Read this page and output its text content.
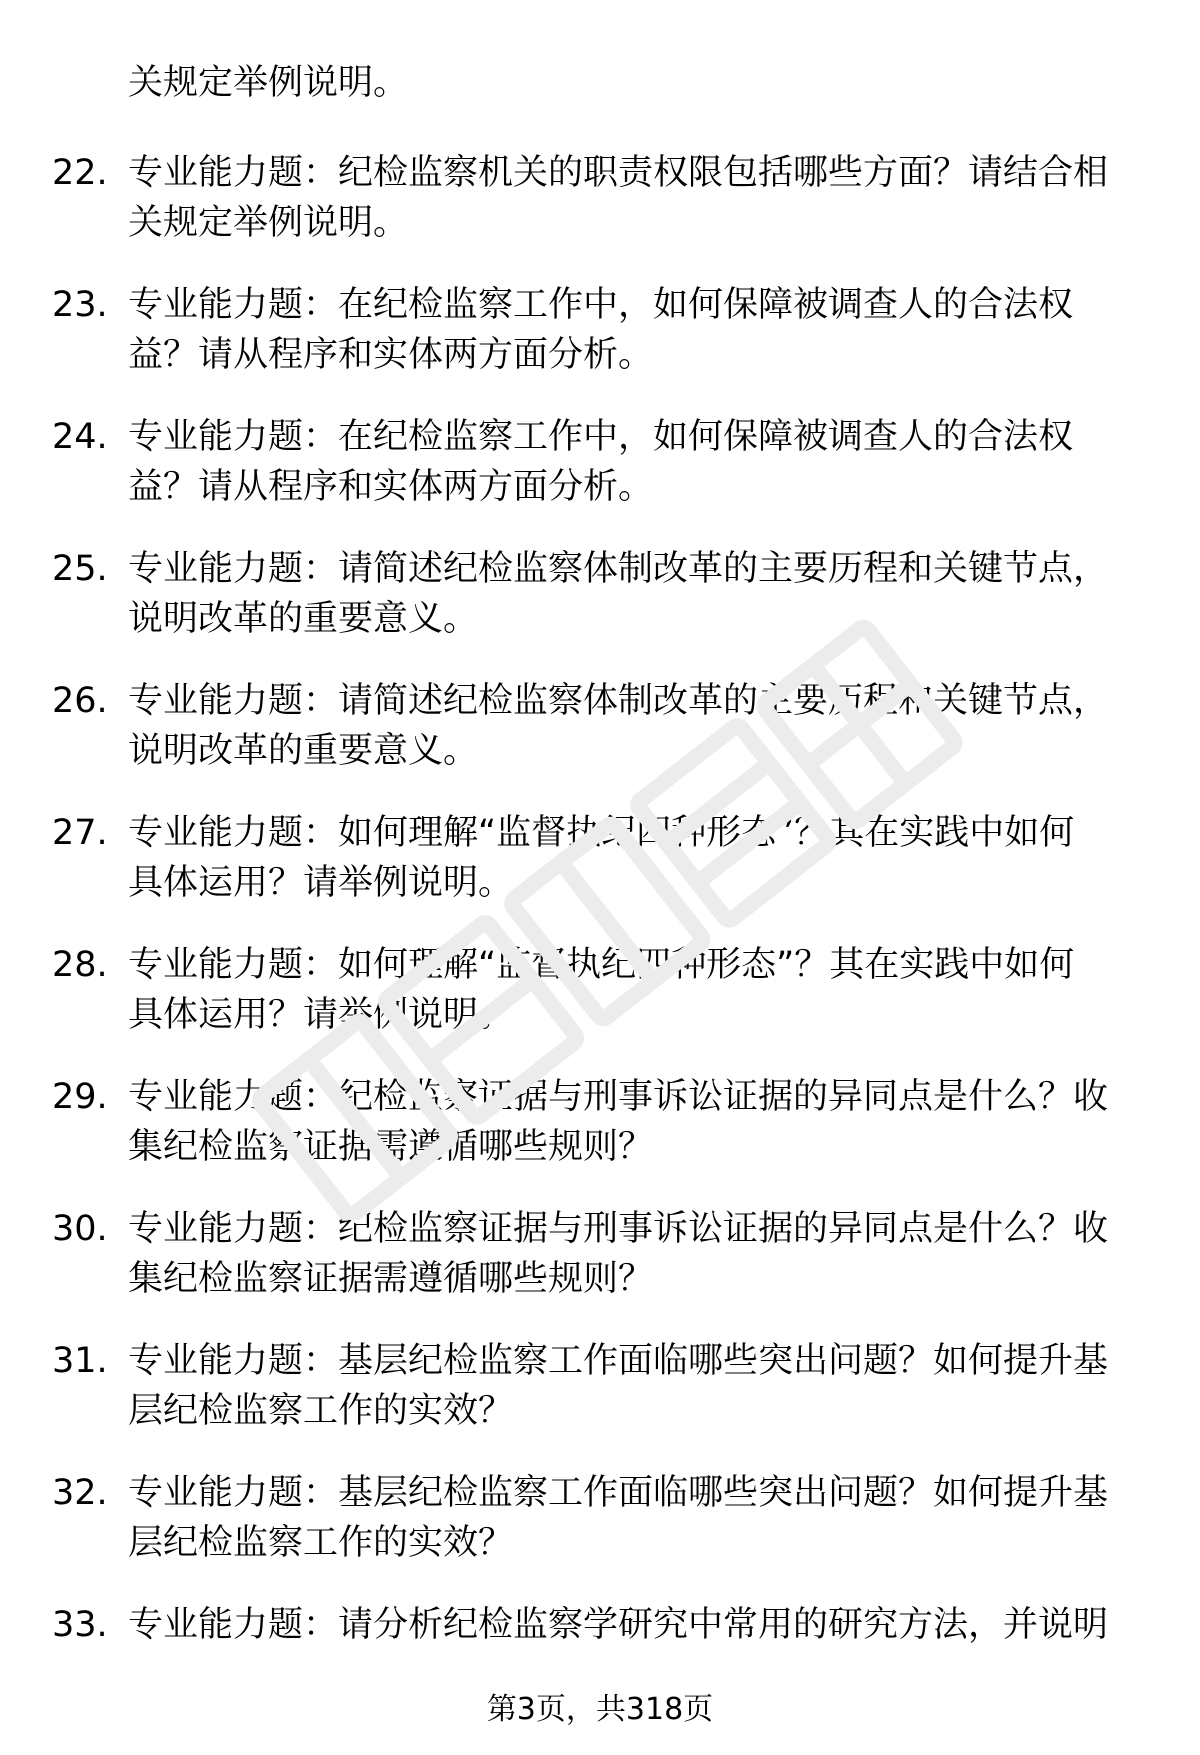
关规定举例说明。
22. 专业能力题：纪检监察机关的职责权限包括哪些方面？请结合相
关规定举例说明。
23. 专业能力题：在纪检监察工作中，如何保障被调查人的合法权
益？请从程序和实体两方面分析。
24. 专业能力题：在纪检监察工作中，如何保障被调查人的合法权
益？请从程序和实体两方面分析。
25. 专业能力题：请简述纪检监察体制改革的主要历程和关键节点，
说明改革的重要意义。
26. 专业能力题：请简述纪检监察体制改革的主要历程和关键节点，
说明改革的重要意义。
27. 专业能力题：如何理解“监督执纪四种形态”？其在实践中如何
具体运用？请举例说明。
28. 专业能力题：如何理解“监督执纪四种形态”？其在实践中如何
具体运用？请举例说明。
29. 专业能力题：纪检监察证据与刑事诉讼证据的异同点是什么？收
集纪检监察证据需遵循哪些规则？
30. 专业能力题：纪检监察证据与刑事诉讼证据的异同点是什么？收
集纪检监察证据需遵循哪些规则？
31. 专业能力题：基层纪检监察工作面临哪些突出问题？如何提升基
层纪检监察工作的实效？
32. 专业能力题：基层纪检监察工作面临哪些突出问题？如何提升基
层纪检监察工作的实效？
33. 专业能力题：请分析纪检监察学研究中常用的研究方法，并说明
第3页，共318页
